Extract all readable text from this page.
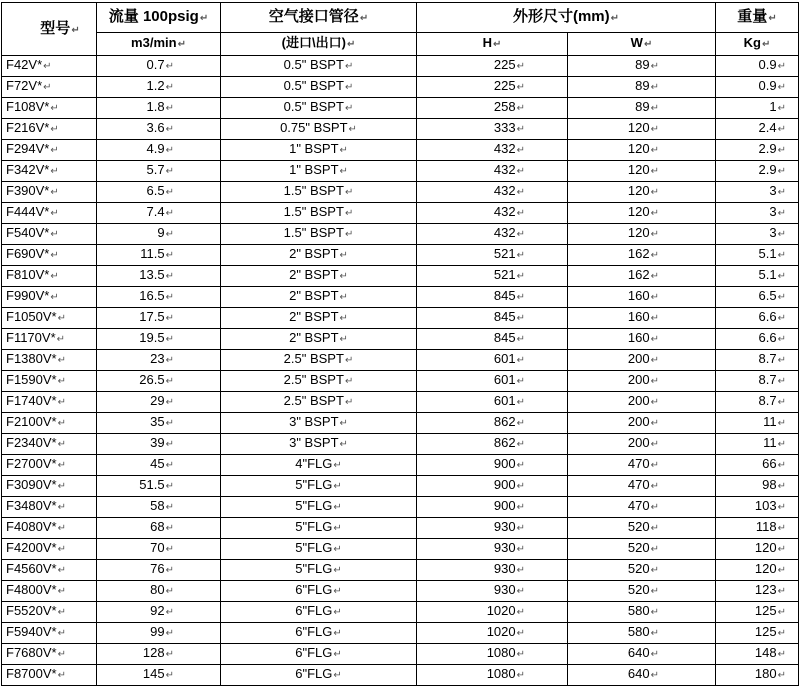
型号↵	流量 100psig↵	空气接口管径↵	外形尺寸(mm)↵		重量↵
	m3/min↵	(进口\出口)↵	H↵	W↵	Kg↵
F42V*↵	0.7↵	0.5" BSPT↵	225↵	89↵	0.9↵
F72V*↵	1.2↵	0.5" BSPT↵	225↵	89↵	0.9↵
F108V*↵	1.8↵	0.5" BSPT↵	258↵	89↵	1↵
F216V*↵	3.6↵	0.75" BSPT↵	333↵	120↵	2.4↵
F294V*↵	4.9↵	1" BSPT↵	432↵	120↵	2.9↵
F342V*↵	5.7↵	1" BSPT↵	432↵	120↵	2.9↵
F390V*↵	6.5↵	1.5" BSPT↵	432↵	120↵	3↵
F444V*↵	7.4↵	1.5" BSPT↵	432↵	120↵	3↵
F540V*↵	9↵	1.5" BSPT↵	432↵	120↵	3↵
F690V*↵	11.5↵	2" BSPT↵	521↵	162↵	5.1↵
F810V*↵	13.5↵	2" BSPT↵	521↵	162↵	5.1↵
F990V*↵	16.5↵	2" BSPT↵	845↵	160↵	6.5↵
F1050V*↵	17.5↵	2" BSPT↵	845↵	160↵	6.6↵
F1170V*↵	19.5↵	2" BSPT↵	845↵	160↵	6.6↵
F1380V*↵	23↵	2.5" BSPT↵	601↵	200↵	8.7↵
F1590V*↵	26.5↵	2.5" BSPT↵	601↵	200↵	8.7↵
F1740V*↵	29↵	2.5" BSPT↵	601↵	200↵	8.7↵
F2100V*↵	35↵	3" BSPT↵	862↵	200↵	11↵
F2340V*↵	39↵	3" BSPT↵	862↵	200↵	11↵
F2700V*↵	45↵	4"FLG↵	900↵	470↵	66↵
F3090V*↵	51.5↵	5"FLG↵	900↵	470↵	98↵
F3480V*↵	58↵	5"FLG↵	900↵	470↵	103↵
F4080V*↵	68↵	5"FLG↵	930↵	520↵	118↵
F4200V*↵	70↵	5"FLG↵	930↵	520↵	120↵
F4560V*↵	76↵	5"FLG↵	930↵	520↵	120↵
F4800V*↵	80↵	6"FLG↵	930↵	520↵	123↵
F5520V*↵	92↵	6"FLG↵	1020↵	580↵	125↵
F5940V*↵	99↵	6"FLG↵	1020↵	580↵	125↵
F7680V*↵	128↵	6"FLG↵	1080↵	640↵	148↵
F8700V*↵	145↵	6"FLG↵	1080↵	640↵	180↵
